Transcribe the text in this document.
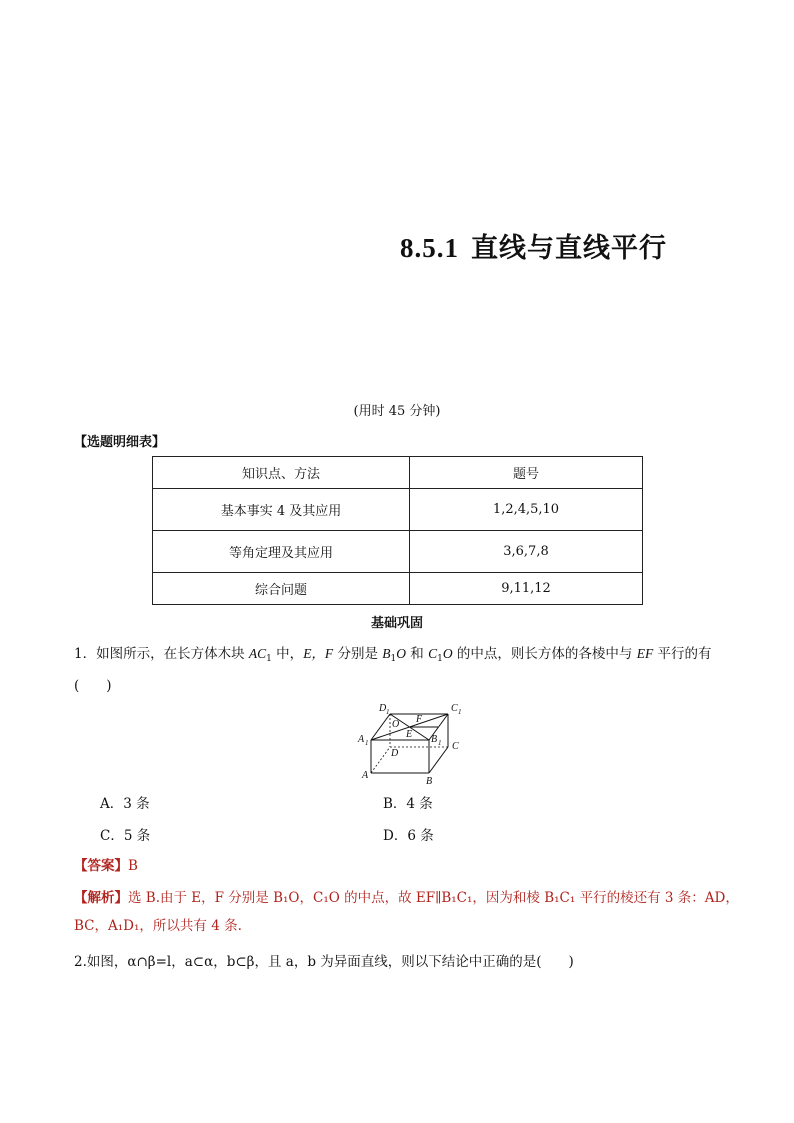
8.5.1 直线与直线平行
(用时 45 分钟)
【选题明细表】
知识点、方法	题号
基本事实 4 及其应用	1,2,4,5,10
等角定理及其应用	3,6,7,8
综合问题	9,11,12
基础巩固
1．如图所示，在长方体木块 $AC_1$ 中，E，F 分别是 $B_1O$ 和 $C_1O$ 的中点，则长方体的各棱中与 EF 平行的有
(　　)
D 1	C 1
A 1	B 1
O F
E
D
C
A
B
A．3 条	B．4 条
C．5 条	D．6 条
【答案】B
【解析】选 B.由于 E，F 分别是 B₁O，C₁O 的中点，故 EF∥B₁C₁，因为和棱 B₁C₁ 平行的棱还有 3 条：AD，
BC，A₁D₁，所以共有 4 条.
2.如图，α∩β=l，a⊂α，b⊂β，且 a，b 为异面直线，则以下结论中正确的是(　　)
